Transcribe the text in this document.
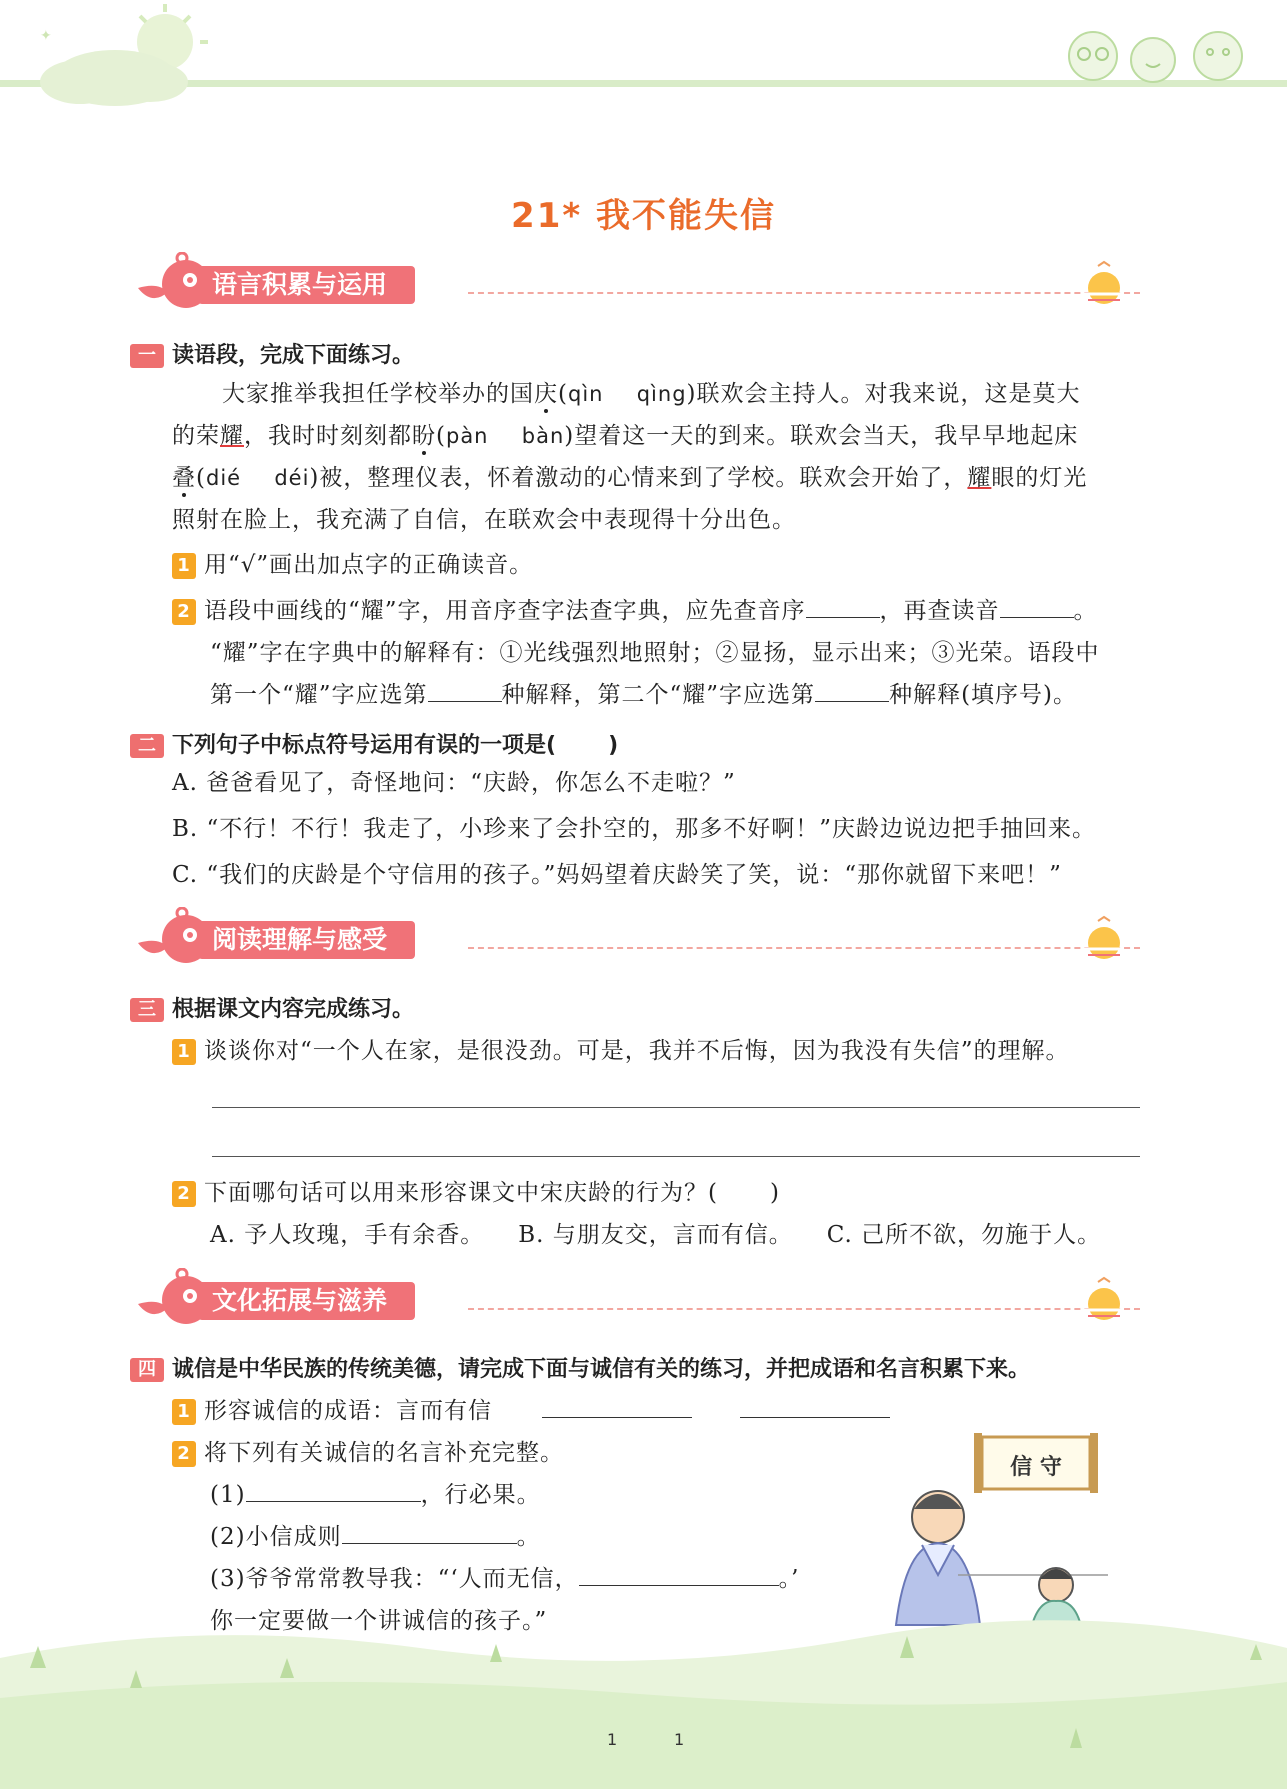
✦
21* 我不能失信
语言积累与运用
一 读语段，完成下面练习。
大家推举我担任学校举办的国庆(qìn qìng)联欢会主持人。对我来说，这是莫大
的荣耀，我时时刻刻都盼(pàn bàn)望着这一天的到来。联欢会当天，我早早地起床
叠(dié déi)被，整理仪表，怀着激动的心情来到了学校。联欢会开始了，耀眼的灯光
照射在脸上，我充满了自信，在联欢会中表现得十分出色。
1 用“√”画出加点字的正确读音。
2 语段中画线的“耀”字，用音序查字法查字典，应先查音序	，再查读音	。
“耀”字在字典中的解释有：①光线强烈地照射；②显扬，显示出来；③光荣。语段中
第一个“耀”字应选第	种解释，第二个“耀”字应选第	种解释(填序号)。
二 下列句子中标点符号运用有误的一项是( )
A. 爸爸看见了，奇怪地问：“庆龄，你怎么不走啦？”
B. “不行！不行！我走了，小珍来了会扑空的，那多不好啊！”庆龄边说边把手抽回来。
C. “我们的庆龄是个守信用的孩子。”妈妈望着庆龄笑了笑，说：“那你就留下来吧！”
阅读理解与感受
三 根据课文内容完成练习。
1 谈谈你对“一个人在家，是很没劲。可是，我并不后悔，因为我没有失信”的理解。
2 下面哪句话可以用来形容课文中宋庆龄的行为？( )
A. 予人玫瑰，手有余香。 B. 与朋友交，言而有信。 C. 己所不欲，勿施于人。
文化拓展与滋养
四 诚信是中华民族的传统美德，请完成下面与诚信有关的练习，并把成语和名言积累下来。
1 形容诚信的成语：言而有信
2 将下列有关诚信的名言补充完整。
(1)	，行必果。
(2)小信成则	。
(3)爷爷常常教导我：“‘人而无信，	。’
你一定要做一个讲诚信的孩子。”
信 守
1	1
